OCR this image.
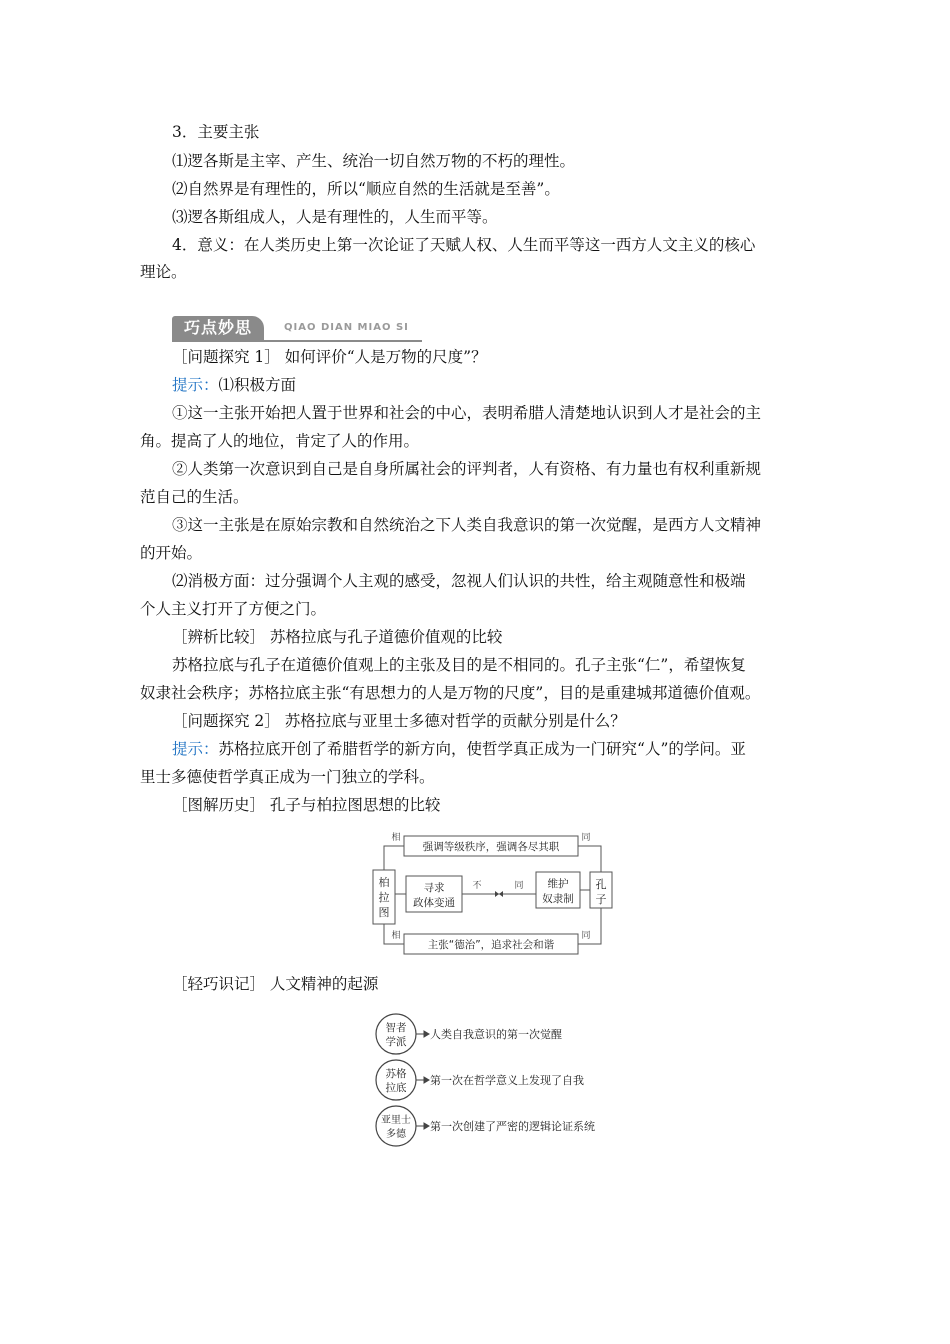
3．主要主张

⑴逻各斯是主宰、产生、统治一切自然万物的不朽的理性。

⑵自然界是有理性的，所以“顺应自然的生活就是至善”。

⑶逻各斯组成人，人是有理性的，人生而平等。

4．意义：在人类历史上第一次论证了天赋人权、人生而平等这一西方人文主义的核心

理论。

巧点妙思	QIAO DIAN MIAO SI

［问题探究 1］ 如何评价“人是万物的尺度”？

提示：⑴积极方面

①这一主张开始把人置于世界和社会的中心，表明希腊人清楚地认识到人才是社会的主

角。提高了人的地位，肯定了人的作用。

②人类第一次意识到自己是自身所属社会的评判者，人有资格、有力量也有权利重新规

范自己的生活。

③这一主张是在原始宗教和自然统治之下人类自我意识的第一次觉醒，是西方人文精神

的开始。

⑵消极方面：过分强调个人主观的感受，忽视人们认识的共性，给主观随意性和极端

个人主义打开了方便之门。

［辨析比较］ 苏格拉底与孔子道德价值观的比较

苏格拉底与孔子在道德价值观上的主张及目的是不相同的。孔子主张“仁”，希望恢复

奴隶社会秩序；苏格拉底主张“有思想力的人是万物的尺度”，目的是重建城邦道德价值观。

［问题探究 2］ 苏格拉底与亚里士多德对哲学的贡献分别是什么？

提示：苏格拉底开创了希腊哲学的新方向，使哲学真正成为一门研究“人”的学问。亚

里士多德使哲学真正成为一门独立的学科。

［图解历史］ 孔子与柏拉图思想的比较

柏
拉
图
孔
子
强调等级秩序，强调各尽其职
主张“德治”，追求社会和谐
寻求
政体变通
维护
奴隶制
相	同
相	同
不	同

［轻巧识记］ 人文精神的起源

智者
学派
苏格
拉底
亚里士
多德
人类自我意识的第一次觉醒
第一次在哲学意义上发现了自我
第一次创建了严密的逻辑论证系统
